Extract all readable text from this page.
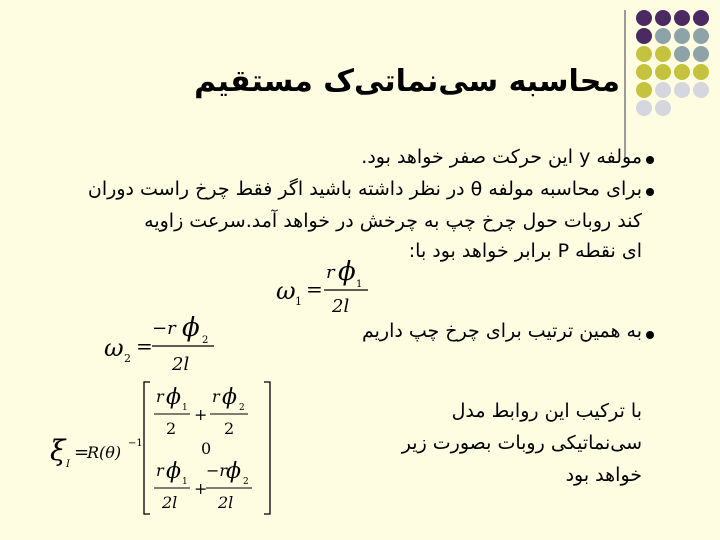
محاسبه سی‌نماتی‌ک مستقیم
مولفه y این حرکت صفر خواهد بود.
برای محاسبه مولفه θ در نظر داشته باشید اگر فقط چرخ راست دوران
کند روبات حول چرخ چپ به چرخش در خواهد آمد.سرعت زاویه
ای نقطه P برابر خواهد بود با:
ω 1
=
r ϕ 1
2l
به همین ترتیب برای چرخ چپ داریم
ω 2
=
−r ϕ 2
2l
با ترکیب این روابط مدل
سی‌نماتیکی روبات بصورت زیر
خواهد بود
ξ I
=
R(θ) −1
r ϕ 1
2
+
r ϕ 2
2
0
r ϕ 1
2l
+
−r
ϕ 2
2l
